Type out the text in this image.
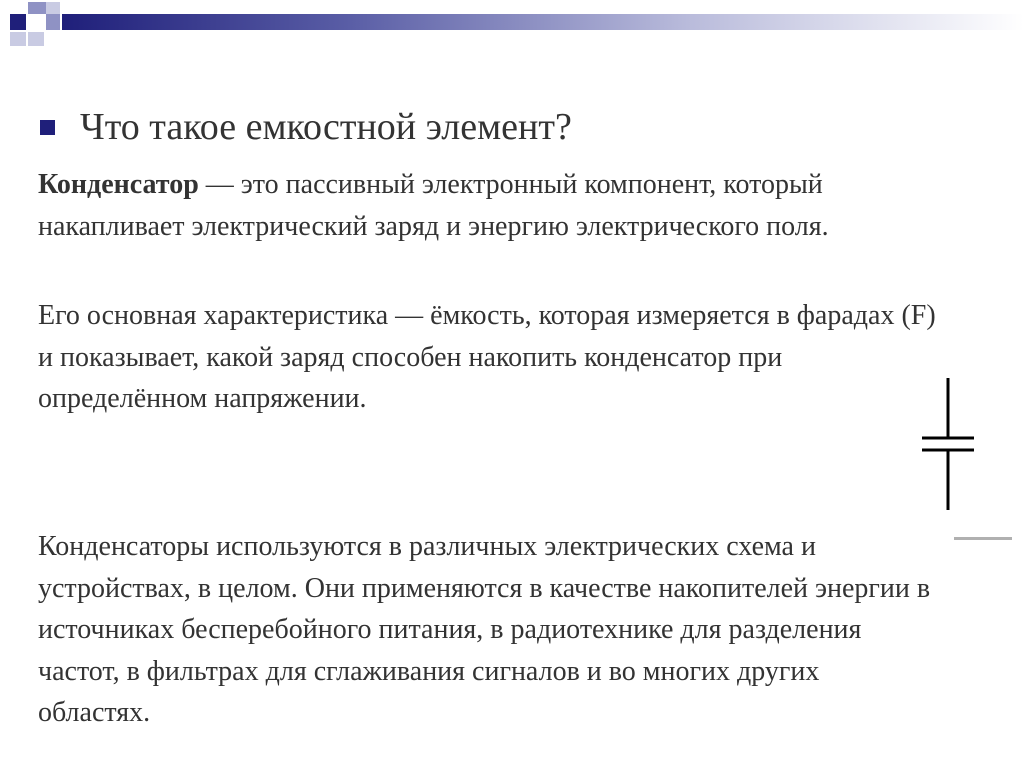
Что такое емкостной элемент?
Конденсатор — это пассивный электронный компонент, который накапливает электрический заряд и энергию электрического поля.
Его основная характеристика — ёмкость, которая измеряется в фарадах (F) и показывает, какой заряд способен накопить конденсатор при определённом напряжении.
Конденсаторы используются в различных электрических схема и устройствах, в целом. Они применяются в качестве накопителей энергии в источниках бесперебойного питания, в радиотехнике для разделения частот, в фильтрах для сглаживания сигналов и во многих других областях.
